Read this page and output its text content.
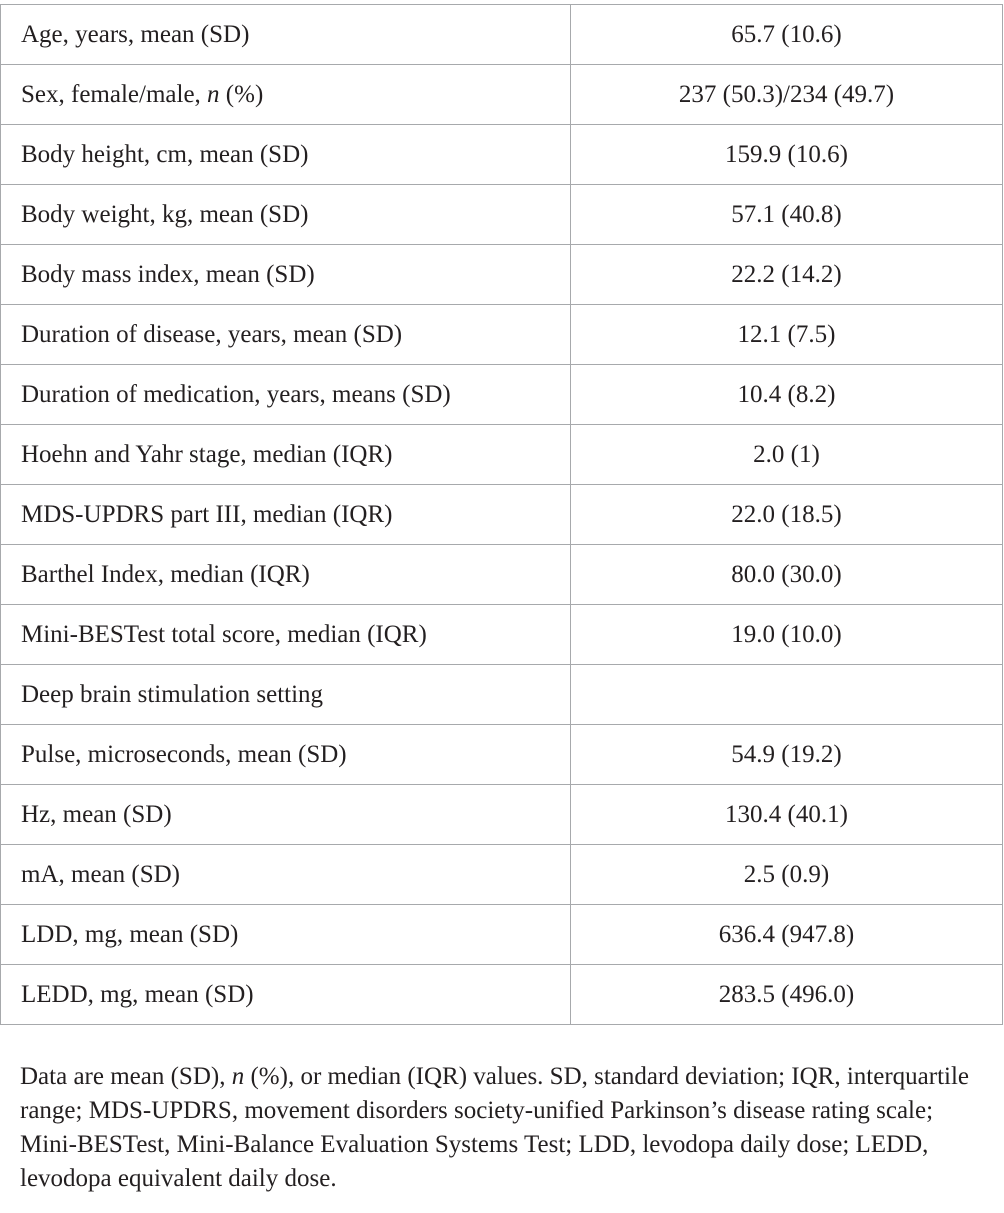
Age, years, mean (SD)	65.7 (10.6)
Sex, female/male, n (%)	237 (50.3)/234 (49.7)
Body height, cm, mean (SD)	159.9 (10.6)
Body weight, kg, mean (SD)	57.1 (40.8)
Body mass index, mean (SD)	22.2 (14.2)
Duration of disease, years, mean (SD)	12.1 (7.5)
Duration of medication, years, means (SD)	10.4 (8.2)
Hoehn and Yahr stage, median (IQR)	2.0 (1)
MDS-UPDRS part III, median (IQR)	22.0 (18.5)
Barthel Index, median (IQR)	80.0 (30.0)
Mini-BESTest total score, median (IQR)	19.0 (10.0)
Deep brain stimulation setting	
Pulse, microseconds, mean (SD)	54.9 (19.2)
Hz, mean (SD)	130.4 (40.1)
mA, mean (SD)	2.5 (0.9)
LDD, mg, mean (SD)	636.4 (947.8)
LEDD, mg, mean (SD)	283.5 (496.0)

Data are mean (SD), n (%), or median (IQR) values. SD, standard deviation; IQR, interquartile range; MDS-UPDRS, movement disorders society-unified Parkinson’s disease rating scale; Mini-BESTest, Mini-Balance Evaluation Systems Test; LDD, levodopa daily dose; LEDD, levodopa equivalent daily dose.
